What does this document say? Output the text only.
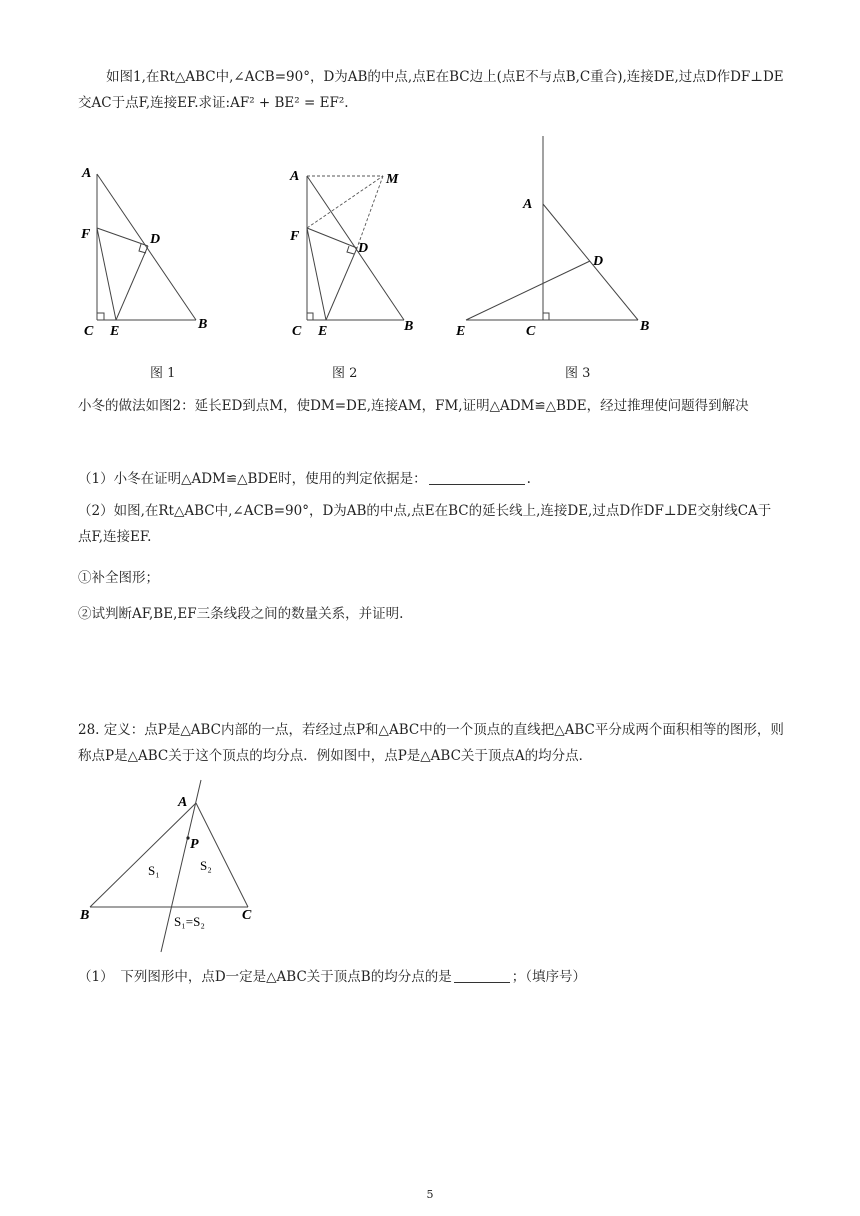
如图1,在Rt△ABC中,∠ACB=90°，D为AB的中点,点E在BC边上(点E不与点B,C重合),连接DE,过点D作DF⊥DE交AC于点F,连接EF.求证:AF² + BE² = EF².

A
F	D
C E	B
A	M
F
D
C E	B
A
D
E	C	B
图 1	图 2	图 3

小冬的做法如图2：延长ED到点M，使DM=DE,连接AM，FM,证明△ADM≌△BDE，经过推理使问题得到解决

（1）小冬在证明△ADM≌△BDE时，使用的判定依据是：	.

（2）如图,在Rt△ABC中,∠ACB=90°，D为AB的中点,点E在BC的延长线上,连接DE,过点D作DF⊥DE交射线CA于点F,连接EF.

①补全图形；

②试判断AF,BE,EF三条线段之间的数量关系，并证明.

28. 定义：点P是△ABC内部的一点，若经过点P和△ABC中的一个顶点的直线把△ABC平分成两个面积相等的图形，则称点P是△ABC关于这个顶点的均分点．例如图中，点P是△ABC关于顶点A的均分点．

A
P
S₁	S₂
B	C
S₁=S₂

（1）　下列图形中，点D一定是△ABC关于顶点B的均分点的是	；（填序号）

5
